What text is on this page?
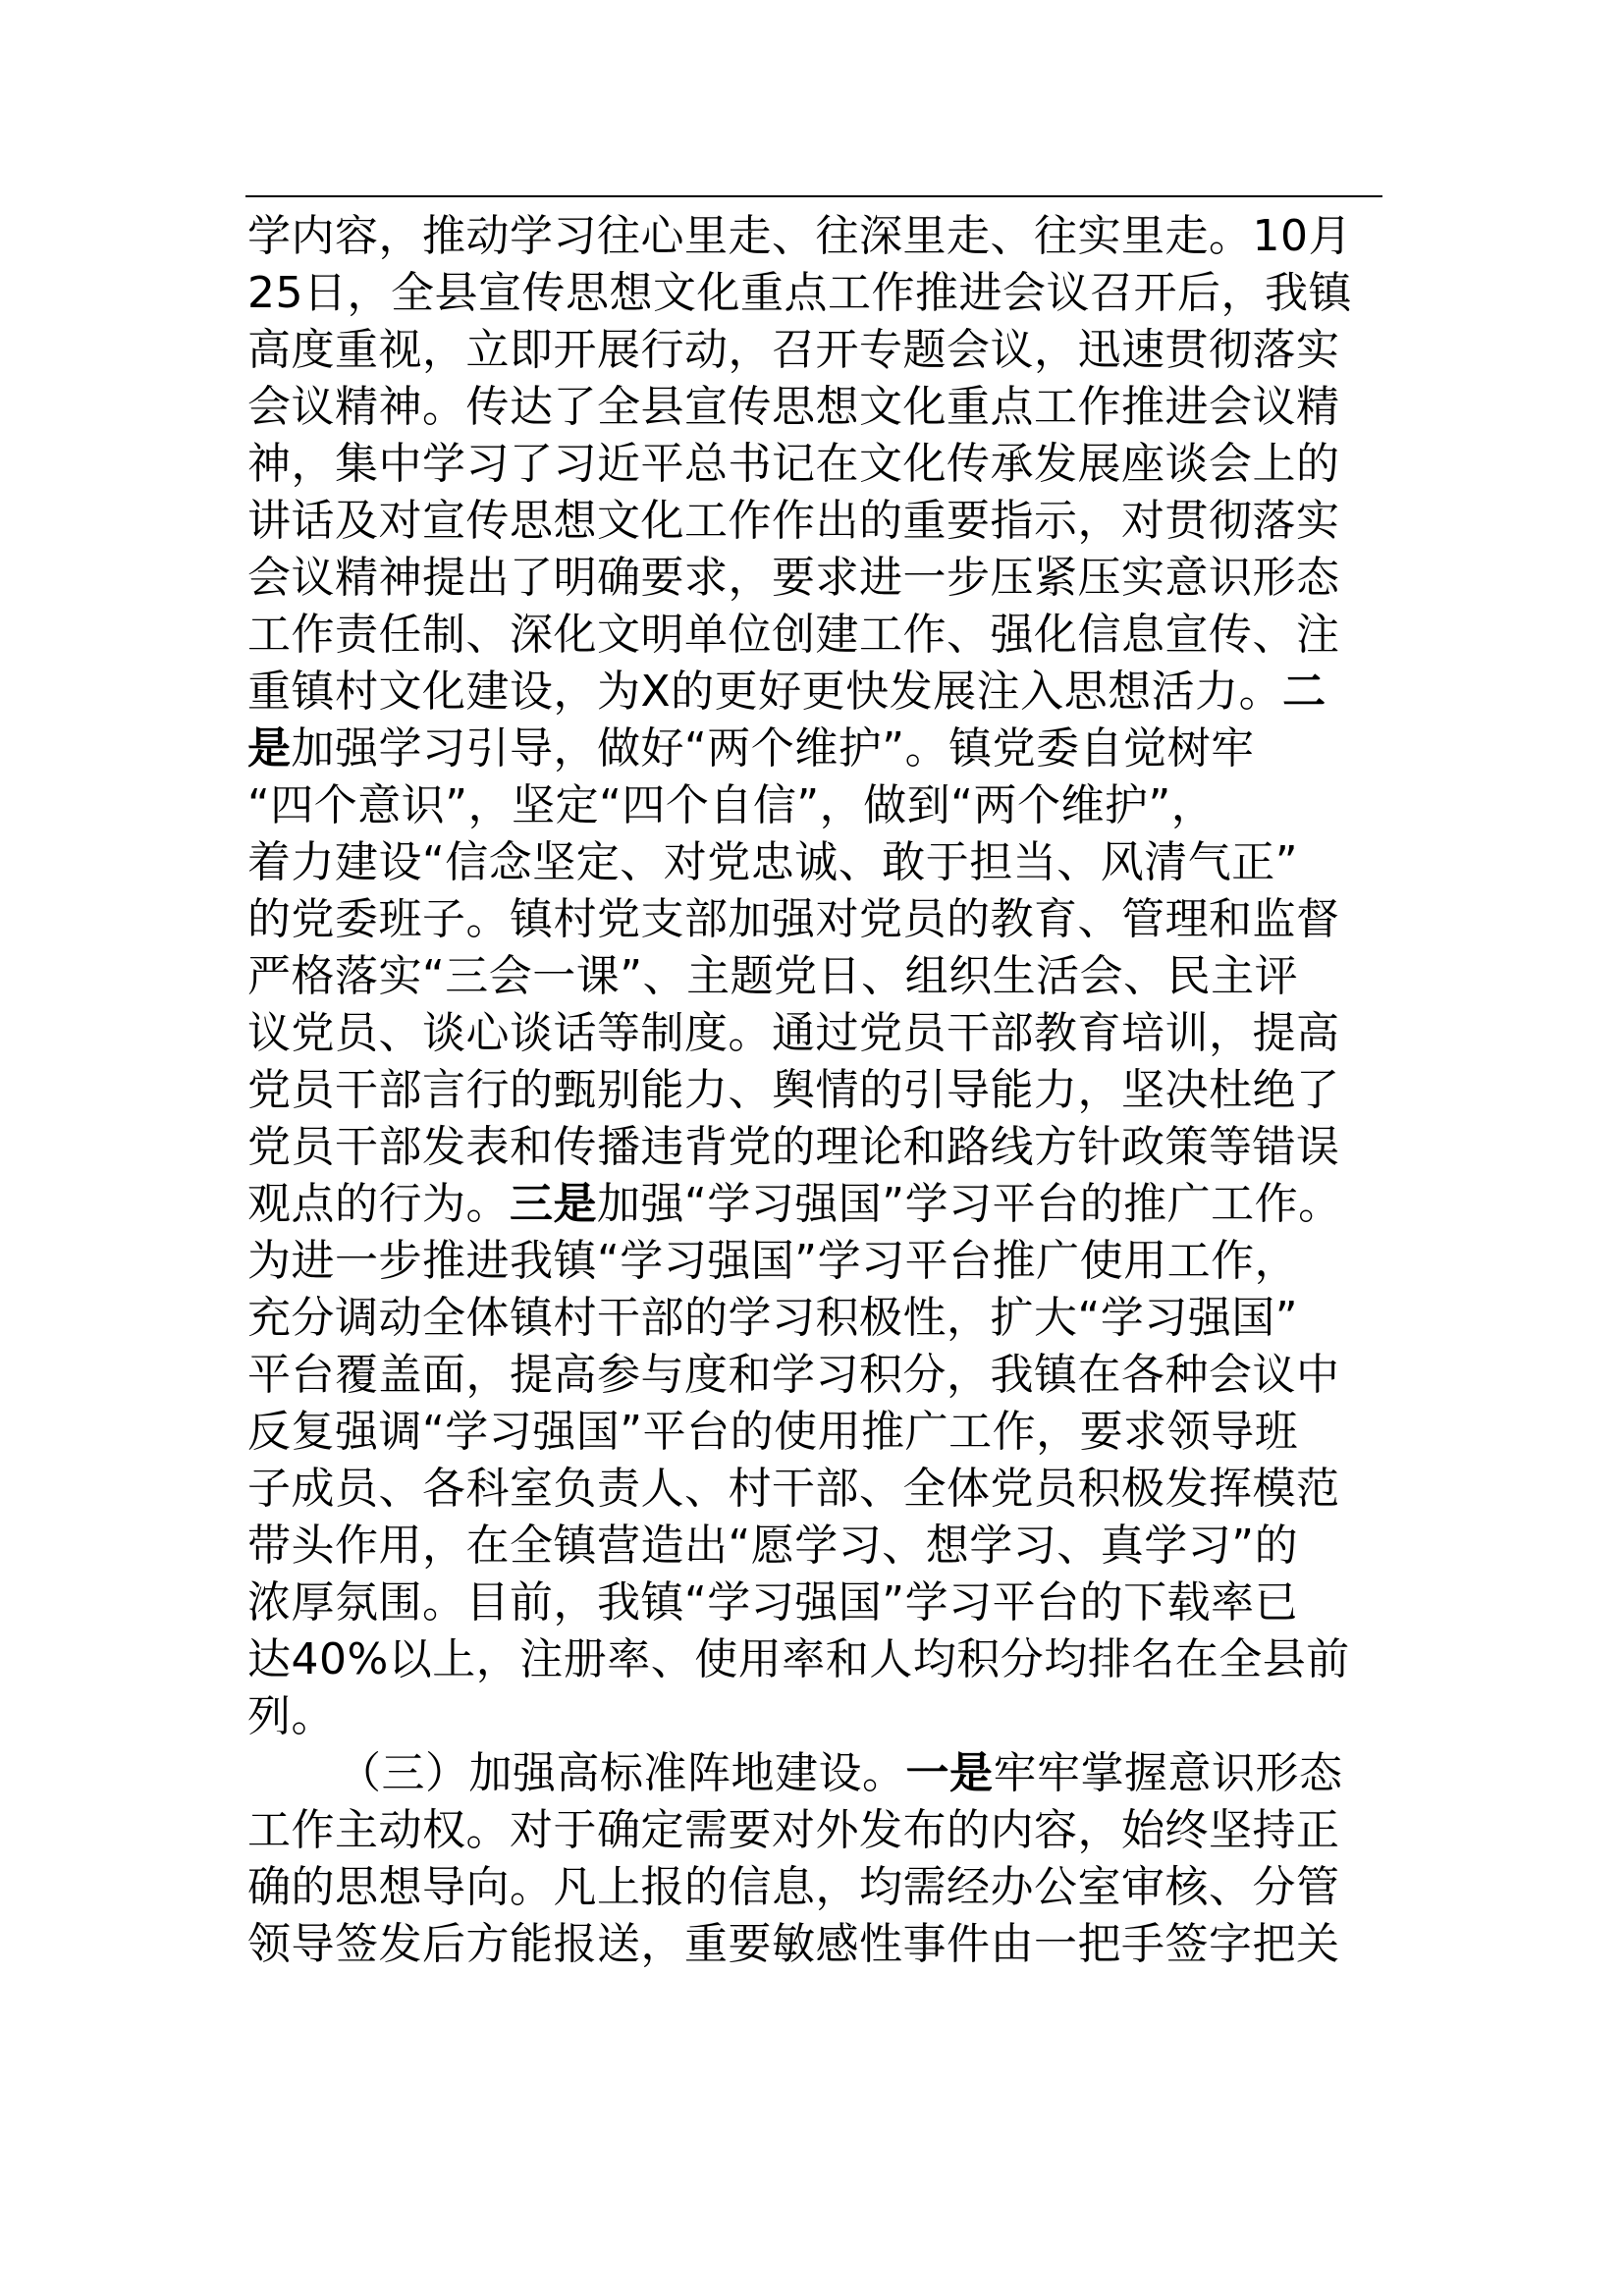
学内容，推动学习往心里走、往深里走、往实里走。10月
25日，全县宣传思想文化重点工作推进会议召开后，我镇
高度重视，立即开展行动，召开专题会议，迅速贯彻落实
会议精神。传达了全县宣传思想文化重点工作推进会议精
神，集中学习了习近平总书记在文化传承发展座谈会上的
讲话及对宣传思想文化工作作出的重要指示，对贯彻落实
会议精神提出了明确要求，要求进一步压紧压实意识形态
工作责任制、深化文明单位创建工作、强化信息宣传、注
重镇村文化建设，为X的更好更快发展注入思想活力。二
是加强学习引导，做好“两个维护”。镇党委自觉树牢
“四个意识”，坚定“四个自信”，做到“两个维护”，
着力建设“信念坚定、对党忠诚、敢于担当、风清气正”
的党委班子。镇村党支部加强对党员的教育、管理和监督
严格落实“三会一课”、主题党日、组织生活会、民主评
议党员、谈心谈话等制度。通过党员干部教育培训，提高
党员干部言行的甄别能力、舆情的引导能力，坚决杜绝了
党员干部发表和传播违背党的理论和路线方针政策等错误
观点的行为。三是加强“学习强国”学习平台的推广工作。
为进一步推进我镇“学习强国”学习平台推广使用工作，
充分调动全体镇村干部的学习积极性，扩大“学习强国”
平台覆盖面，提高参与度和学习积分，我镇在各种会议中
反复强调“学习强国”平台的使用推广工作，要求领导班
子成员、各科室负责人、村干部、全体党员积极发挥模范
带头作用，在全镇营造出“愿学习、想学习、真学习”的
浓厚氛围。目前，我镇“学习强国”学习平台的下载率已
达40%以上，注册率、使用率和人均积分均排名在全县前
列。
（三）加强高标准阵地建设。一是牢牢掌握意识形态
工作主动权。对于确定需要对外发布的内容，始终坚持正
确的思想导向。凡上报的信息，均需经办公室审核、分管
领导签发后方能报送，重要敏感性事件由一把手签字把关
